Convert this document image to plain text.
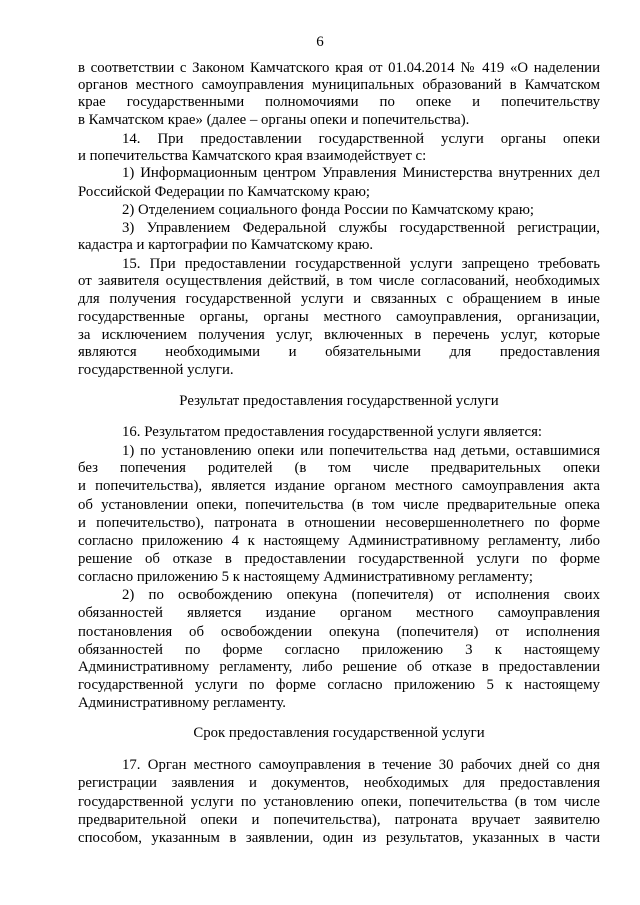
6
в соответствии с Законом Камчатского края от 01.04.2014 № 419 «О наделении
органов местного самоуправления муниципальных образований в Камчатском
крае государственными полномочиями по опеке и попечительству
в Камчатском крае» (далее – органы опеки и попечительства).
14. При предоставлении государственной услуги органы опеки
и попечительства Камчатского края взаимодействует с:
1) Информационным центром Управления Министерства внутренних дел
Российской Федерации по Камчатскому краю;
2) Отделением социального фонда России по Камчатскому краю;
3) Управлением Федеральной службы государственной регистрации,
кадастра и картографии по Камчатскому краю.
15. При предоставлении государственной услуги запрещено требовать
от заявителя осуществления действий, в том числе согласований, необходимых
для получения государственной услуги и связанных с обращением в иные
государственные органы, органы местного самоуправления, организации,
за исключением получения услуг, включенных в перечень услуг, которые
являются необходимыми и обязательными для предоставления
государственной услуги.
Результат предоставления государственной услуги
16. Результатом предоставления государственной услуги является:
1) по установлению опеки или попечительства над детьми, оставшимися
без попечения родителей (в том числе предварительных опеки
и попечительства), является издание органом местного самоуправления акта
об установлении опеки, попечительства (в том числе предварительные опека
и попечительство), патроната в отношении несовершеннолетнего по форме
согласно приложению 4 к настоящему Административному регламенту, либо
решение об отказе в предоставлении государственной услуги по форме
согласно приложению 5 к настоящему Административному регламенту;
2) по освобождению опекуна (попечителя) от исполнения своих
обязанностей является издание органом местного самоуправления
постановления об освобождении опекуна (попечителя) от исполнения
обязанностей по форме согласно приложению 3 к настоящему
Административному регламенту, либо решение об отказе в предоставлении
государственной услуги по форме согласно приложению 5 к настоящему
Административному регламенту.
Срок предоставления государственной услуги
17. Орган местного самоуправления в течение 30 рабочих дней со дня
регистрации заявления и документов, необходимых для предоставления
государственной услуги по установлению опеки, попечительства (в том числе
предварительной опеки и попечительства), патроната вручает заявителю
способом, указанным в заявлении, один из результатов, указанных в части
